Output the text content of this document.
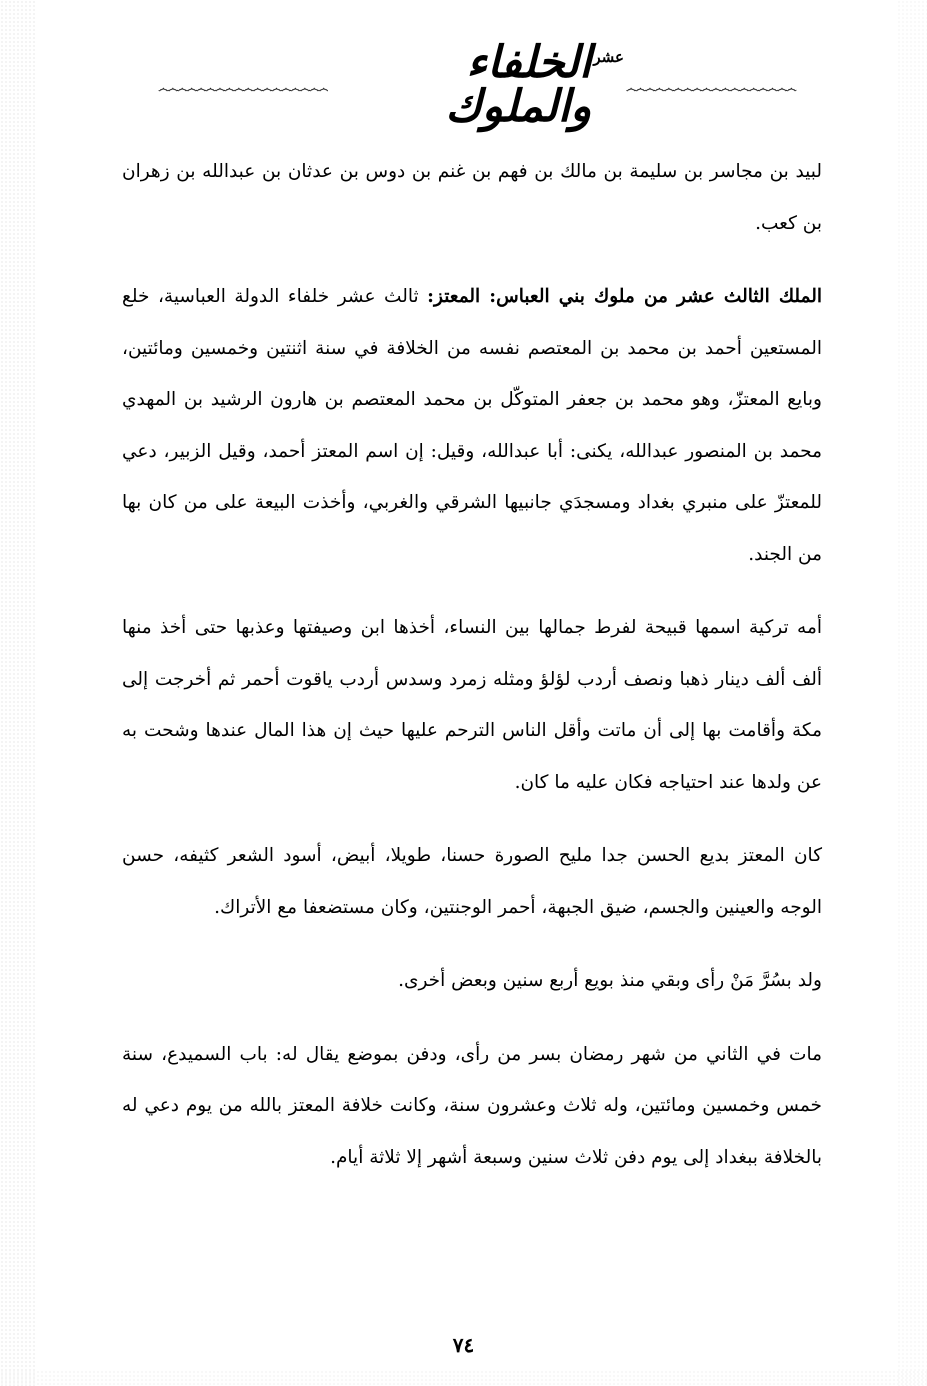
෴෴෴෴෴෴෴෴෴෴෴෴෴෴෴෴෴෴
عشر
الخلفاء والملوك	෴෴෴෴෴෴෴෴෴෴෴෴෴෴෴෴෴෴

لبيد بن مجاسر بن سليمة بن مالك بن فهم بن غنم بن دوس بن عدثان بن عبدالله بن زهران بن كعب.

الملك الثالث عشر من ملوك بني العباس: المعتز: ثالث عشر خلفاء الدولة العباسية، خلع المستعين أحمد بن محمد بن المعتصم نفسه من الخلافة في سنة اثنتين وخمسين ومائتين، وبايع المعتزّ، وهو محمد بن جعفر المتوكّل بن محمد المعتصم بن هارون الرشيد بن المهدي محمد بن المنصور عبدالله، يكنى: أبا عبدالله، وقيل: إن اسم المعتز أحمد، وقيل الزبير، دعي للمعتزّ على منبري بغداد ومسجدَي جانبيها الشرقي والغربي، وأخذت البيعة على من كان بها من الجند.

أمه تركية اسمها قبيحة لفرط جمالها بين النساء، أخذها ابن وصيفتها وعذبها حتى أخذ منها ألف ألف دينار ذهبا ونصف أردب لؤلؤ ومثله زمرد وسدس أردب ياقوت أحمر ثم أخرجت إلى مكة وأقامت بها إلى أن ماتت وأقل الناس الترحم عليها حيث إن هذا المال عندها وشحت به عن ولدها عند احتياجه فكان عليه ما كان.

كان المعتز بديع الحسن جدا مليح الصورة حسنا، طويلا، أبيض، أسود الشعر كثيفه، حسن الوجه والعينين والجسم، ضيق الجبهة، أحمر الوجنتين، وكان مستضعفا مع الأتراك.

ولد بسُرَّ مَنْ رأى وبقي منذ بويع أربع سنين وبعض أخرى.

مات في الثاني من شهر رمضان بسر من رأى، ودفن بموضع يقال له: باب السميدع، سنة خمس وخمسين ومائتين، وله ثلاث وعشرون سنة، وكانت خلافة المعتز بالله من يوم دعي له بالخلافة ببغداد إلى يوم دفن ثلاث سنين وسبعة أشهر إلا ثلاثة أيام.

٧٤
